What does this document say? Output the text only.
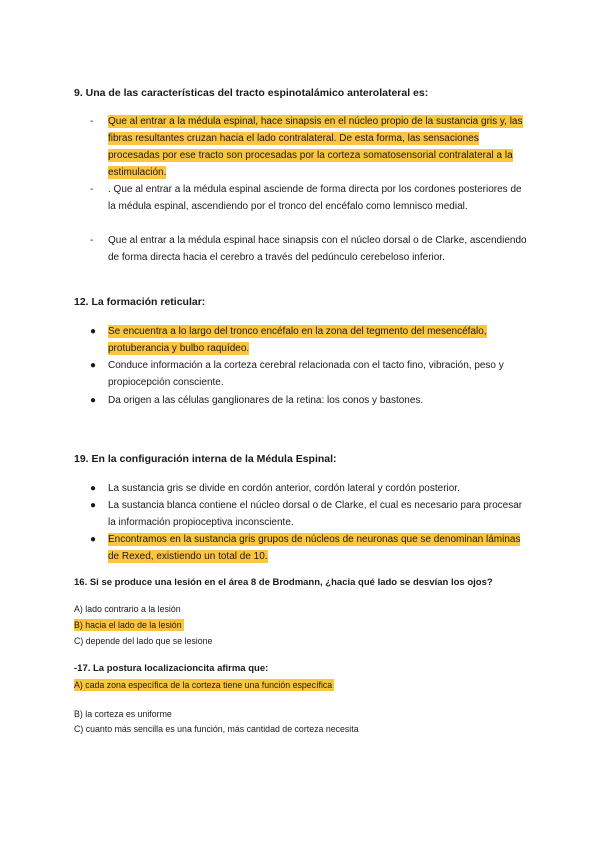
9. Una de las características del tracto espinotalámico anterolateral es:
-	Que al entrar a la médula espinal, hace sinapsis en el núcleo propio de la sustancia gris y, las fibras resultantes cruzan hacia el lado contralateral. De esta forma, las sensaciones procesadas por ese tracto son procesadas por la corteza somatosensorial contralateral a la estimulación.
-	. Que al entrar a la médula espinal asciende de forma directa por los cordones posteriores de la médula espinal, ascendiendo por el tronco del encéfalo como lemnisco medial.
-	Que al entrar a la médula espinal hace sinapsis con el núcleo dorsal o de Clarke, ascendiendo de forma directa hacia el cerebro a través del pedúnculo cerebeloso inferior.
12. La formación reticular:
●	Se encuentra a lo largo del tronco encéfalo en la zona del tegmento del mesencéfalo, protuberancia y bulbo raquídeo.
●	Conduce información a la corteza cerebral relacionada con el tacto fino, vibración, peso y propiocepción consciente.
●	Da origen a las células ganglionares de la retina: los conos y bastones.
19. En la configuración interna de la Médula Espinal:
●	La sustancia gris se divide en cordón anterior, cordón lateral y cordón posterior.
●	La sustancia blanca contiene el núcleo dorsal o de Clarke, el cual es necesario para procesar la información propioceptiva inconsciente.
●	Encontramos en la sustancia gris grupos de núcleos de neuronas que se denominan láminas de Rexed, existiendo un total de 10.
16. Si se produce una lesión en el área 8 de Brodmann, ¿hacia qué lado se desvían los ojos?
A) lado contrario a la lesión
B) hacia el lado de la lesión
C) depende del lado que se lesione
-17. La postura localizacioncita afirma que:
A) cada zona específica de la corteza tiene una función específica
B) la corteza es uniforme
C) cuanto más sencilla es una función, más cantidad de corteza necesita
